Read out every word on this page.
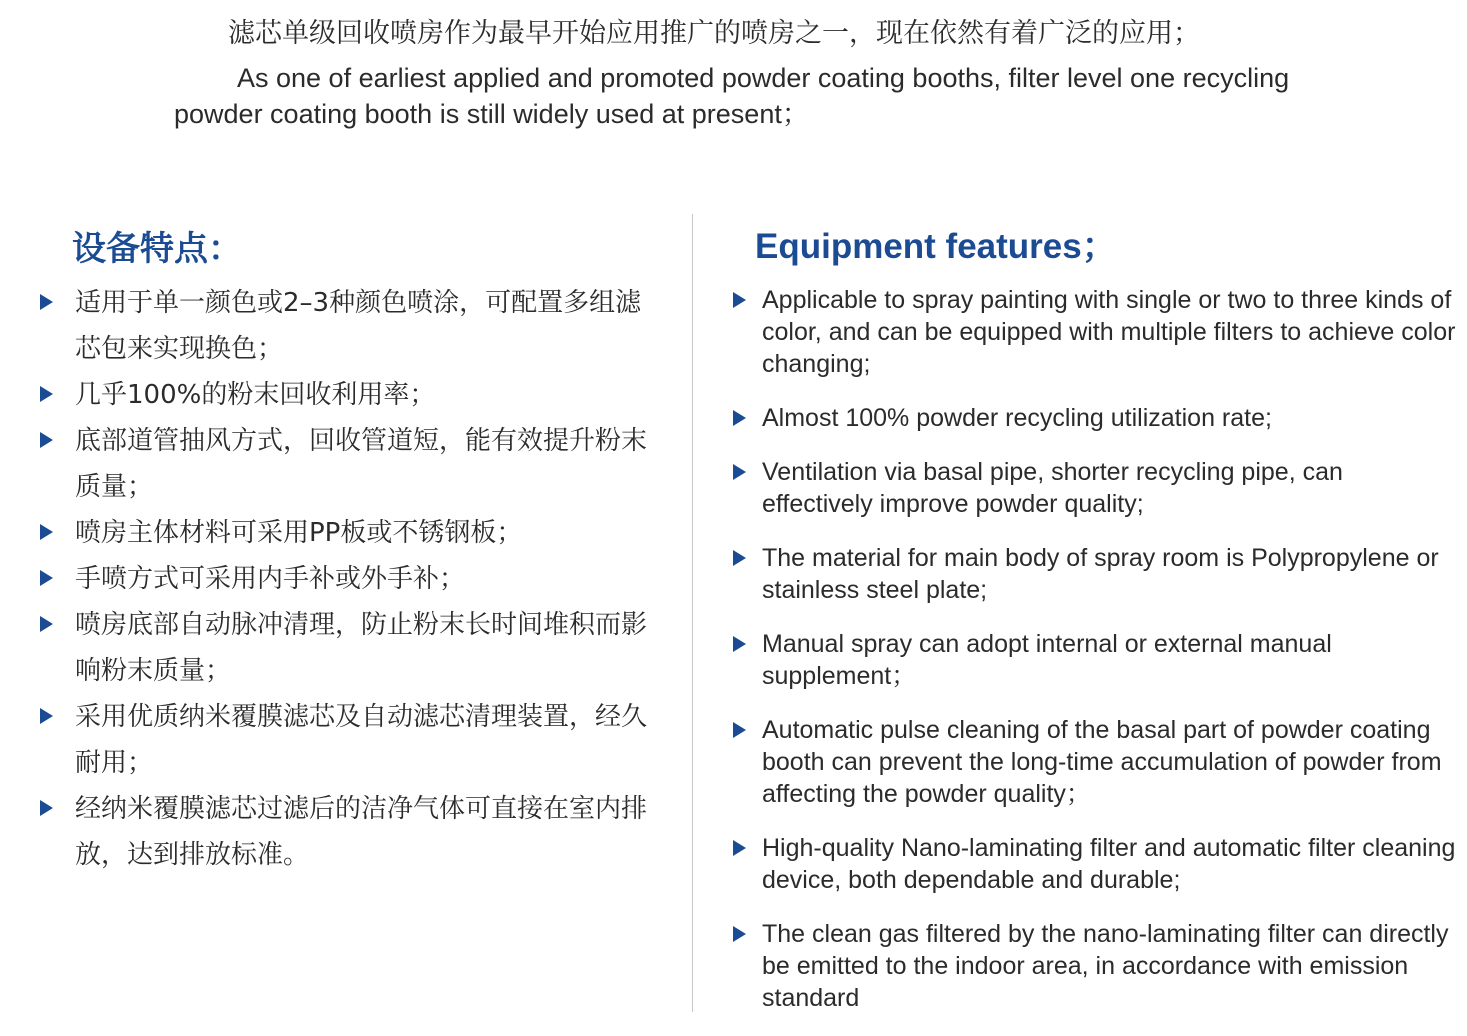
滤芯单级回收喷房作为最早开始应用推广的喷房之一，现在依然有着广泛的应用；
As one of earliest applied and promoted powder coating booths, filter level one recycling powder coating booth is still widely used at present；
设备特点：
适用于单一颜色或2–3种颜色喷涂，可配置多组滤芯包来实现换色；
几乎100%的粉末回收利用率；
底部道管抽风方式，回收管道短，能有效提升粉末质量；
喷房主体材料可采用PP板或不锈钢板；
手喷方式可采用内手补或外手补；
喷房底部自动脉冲清理，防止粉末长时间堆积而影响粉末质量；
采用优质纳米覆膜滤芯及自动滤芯清理装置，经久耐用；
经纳米覆膜滤芯过滤后的洁净气体可直接在室内排放，达到排放标准。
Equipment features；
Applicable to spray painting with single or two to three kinds of color, and can be equipped with multiple filters to achieve color changing;
Almost 100% powder recycling utilization rate;
Ventilation via basal pipe, shorter recycling pipe, can effectively improve powder quality;
The material for main body of spray room is Polypropylene or stainless steel plate;
Manual spray can adopt internal or external manual supplement；
Automatic pulse cleaning of the basal part of powder coating booth can prevent the long-time accumulation of powder from affecting the powder quality；
High-quality Nano-laminating filter and automatic filter cleaning device, both dependable and durable;
The clean gas filtered by the nano-laminating filter can directly be emitted to the indoor area, in accordance with emission standard
